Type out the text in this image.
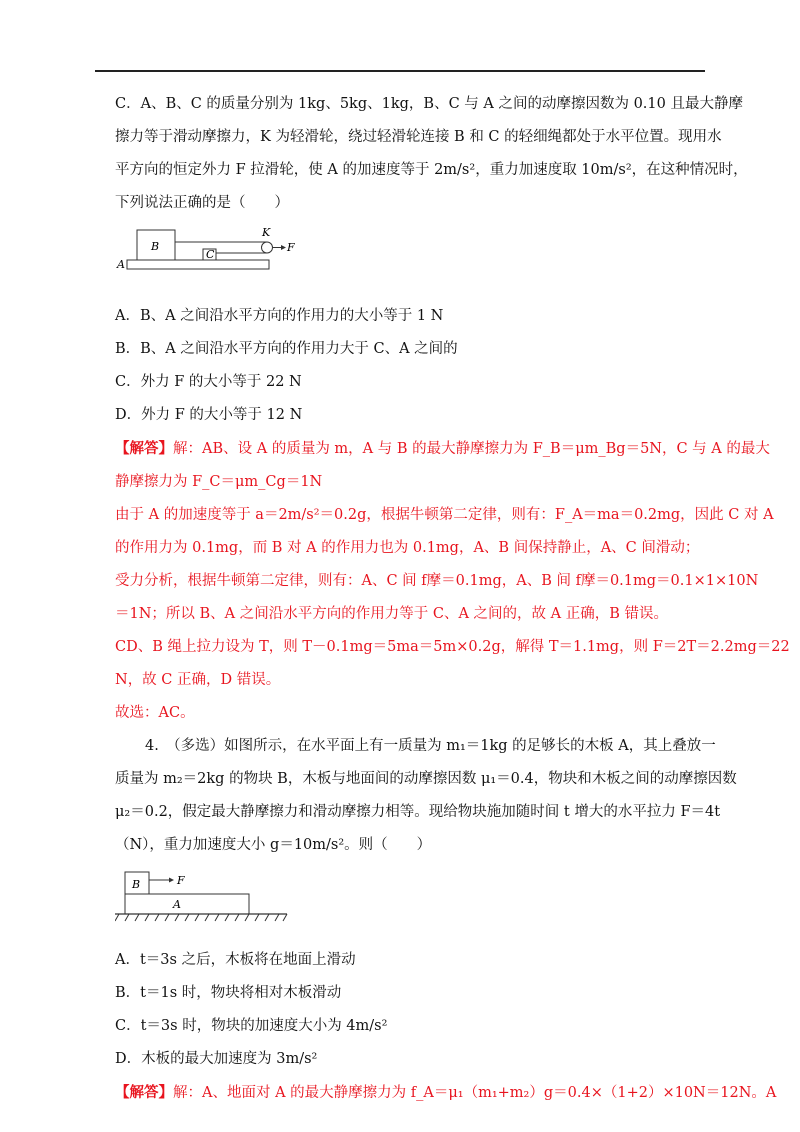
C．A、B、C 的质量分别为 1kg、5kg、1kg，B、C 与 A 之间的动摩擦因数为 0.10 且最大静摩

擦力等于滑动摩擦力，K 为轻滑轮，绕过轻滑轮连接 B 和 C 的轻细绳都处于水平位置。现用水

平方向的恒定外力 F 拉滑轮，使 A 的加速度等于 2m/s²，重力加速度取 10m/s²，在这种情况时，

下列说法正确的是（　　）

A
B
C
K
F

A．B、A 之间沿水平方向的作用力的大小等于 1 N

B．B、A 之间沿水平方向的作用力大于 C、A 之间的

C．外力 F 的大小等于 22 N

D．外力 F 的大小等于 12 N

【解答】解：AB、设 A 的质量为 m，A 与 B 的最大静摩擦力为 F_B＝μm_Bg＝5N，C 与 A 的最大

静摩擦力为 F_C＝μm_Cg＝1N

由于 A 的加速度等于 a＝2m/s²＝0.2g，根据牛顿第二定律，则有：F_A＝ma＝0.2mg，因此 C 对 A

的作用力为 0.1mg，而 B 对 A 的作用力也为 0.1mg，A、B 间保持静止，A、C 间滑动；

受力分析，根据牛顿第二定律，则有：A、C 间 f摩＝0.1mg，A、B 间 f摩＝0.1mg＝0.1×1×10N

＝1N；所以 B、A 之间沿水平方向的作用力等于 C、A 之间的，故 A 正确，B 错误。

CD、B 绳上拉力设为 T，则 T－0.1mg＝5ma＝5m×0.2g，解得 T＝1.1mg，则 F＝2T＝2.2mg＝22

N，故 C 正确，D 错误。

故选：AC。

4.　（多选）如图所示，在水平面上有一质量为 m₁＝1kg 的足够长的木板 A，其上叠放一

质量为 m₂＝2kg 的物块 B，木板与地面间的动摩擦因数 μ₁＝0.4，物块和木板之间的动摩擦因数

μ₂＝0.2，假定最大静摩擦力和滑动摩擦力相等。现给物块施加随时间 t 增大的水平拉力 F＝4t

（N），重力加速度大小 g＝10m/s²。则（　　）

B
A
F

A．t＝3s 之后，木板将在地面上滑动

B．t＝1s 时，物块将相对木板滑动

C．t＝3s 时，物块的加速度大小为 4m/s²

D．木板的最大加速度为 3m/s²

【解答】解：A、地面对 A 的最大静摩擦力为 f_A＝μ₁（m₁+m₂）g＝0.4×（1+2）×10N＝12N。A
